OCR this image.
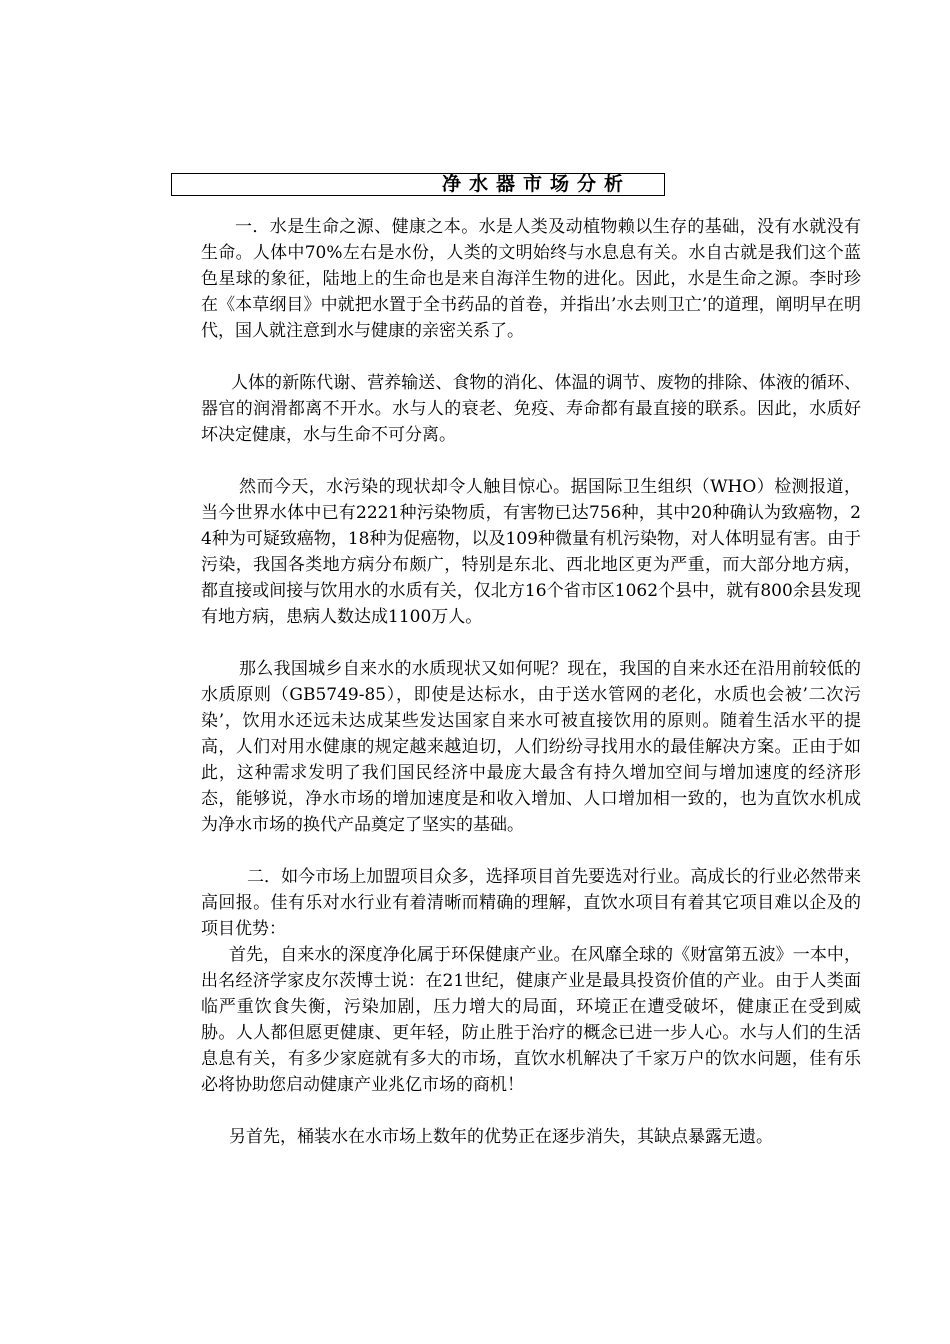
净水器市场分析

一．水是生命之源、健康之本。水是人类及动植物赖以生存的基础，没有水就没有生命。人体中70%左右是水份，人类的文明始终与水息息有关。水自古就是我们这个蓝色星球的象征，陆地上的生命也是来自海洋生物的进化。因此，水是生命之源。李时珍在《本草纲目》中就把水置于全书药品的首卷，并指出’水去则卫亡’的道理，阐明早在明代，国人就注意到水与健康的亲密关系了。

人体的新陈代谢、营养输送、食物的消化、体温的调节、废物的排除、体液的循环、器官的润滑都离不开水。水与人的衰老、免疫、寿命都有最直接的联系。因此，水质好坏决定健康，水与生命不可分离。

然而今天，水污染的现状却令人触目惊心。据国际卫生组织（WHO）检测报道，当今世界水体中已有2221种污染物质，有害物已达756种，其中20种确认为致癌物，24种为可疑致癌物，18种为促癌物，以及109种微量有机污染物，对人体明显有害。由于污染，我国各类地方病分布颇广，特别是东北、西北地区更为严重，而大部分地方病，都直接或间接与饮用水的水质有关，仅北方16个省市区1062个县中，就有800余县发现有地方病，患病人数达成1100万人。

那么我国城乡自来水的水质现状又如何呢？现在，我国的自来水还在沿用前较低的水质原则（GB5749-85），即使是达标水，由于送水管网的老化，水质也会被’二次污染’，饮用水还远未达成某些发达国家自来水可被直接饮用的原则。随着生活水平的提高，人们对用水健康的规定越来越迫切，人们纷纷寻找用水的最佳解决方案。正由于如此，这种需求发明了我们国民经济中最庞大最含有持久增加空间与增加速度的经济形态，能够说，净水市场的增加速度是和收入增加、人口增加相一致的，也为直饮水机成为净水市场的换代产品奠定了坚实的基础。

二．如今市场上加盟项目众多，选择项目首先要选对行业。高成长的行业必然带来高回报。佳有乐对水行业有着清晰而精确的理解，直饮水项目有着其它项目难以企及的项目优势：

首先，自来水的深度净化属于环保健康产业。在风靡全球的《财富第五波》一本中，出名经济学家皮尔茨博士说：在21世纪，健康产业是最具投资价值的产业。由于人类面临严重饮食失衡，污染加剧，压力增大的局面，环境正在遭受破坏，健康正在受到威胁。人人都但愿更健康、更年轻，防止胜于治疗的概念已进一步人心。水与人们的生活息息有关，有多少家庭就有多大的市场，直饮水机解决了千家万户的饮水问题，佳有乐必将协助您启动健康产业兆亿市场的商机！

另首先，桶装水在水市场上数年的优势正在逐步消失，其缺点暴露无遗。
